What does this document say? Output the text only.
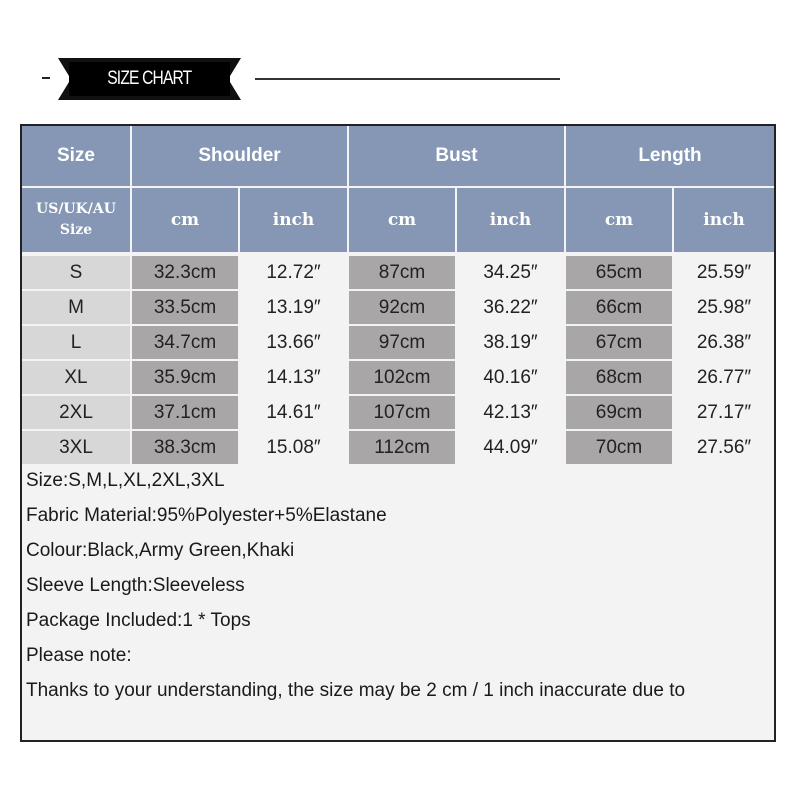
SIZE CHART
Size	Shoulder	Bust	Length
US/UK/AU
Size	cm	inch	cm	inch	cm	inch
S	32.3cm	12.72″	87cm	34.25″	65cm	25.59″
M	33.5cm	13.19″	92cm	36.22″	66cm	25.98″
L	34.7cm	13.66″	97cm	38.19″	67cm	26.38″
XL	35.9cm	14.13″	102cm	40.16″	68cm	26.77″
2XL	37.1cm	14.61″	107cm	42.13″	69cm	27.17″
3XL	38.3cm	15.08″	112cm	44.09″	70cm	27.56″
Size:S,M,L,XL,2XL,3XL
Fabric Material:95%Polyester+5%Elastane
Colour:Black,Army Green,Khaki
Sleeve Length:Sleeveless
Package Included:1 * Tops
Please note:
Thanks to your understanding, the size may be 2 cm / 1 inch inaccurate due to
